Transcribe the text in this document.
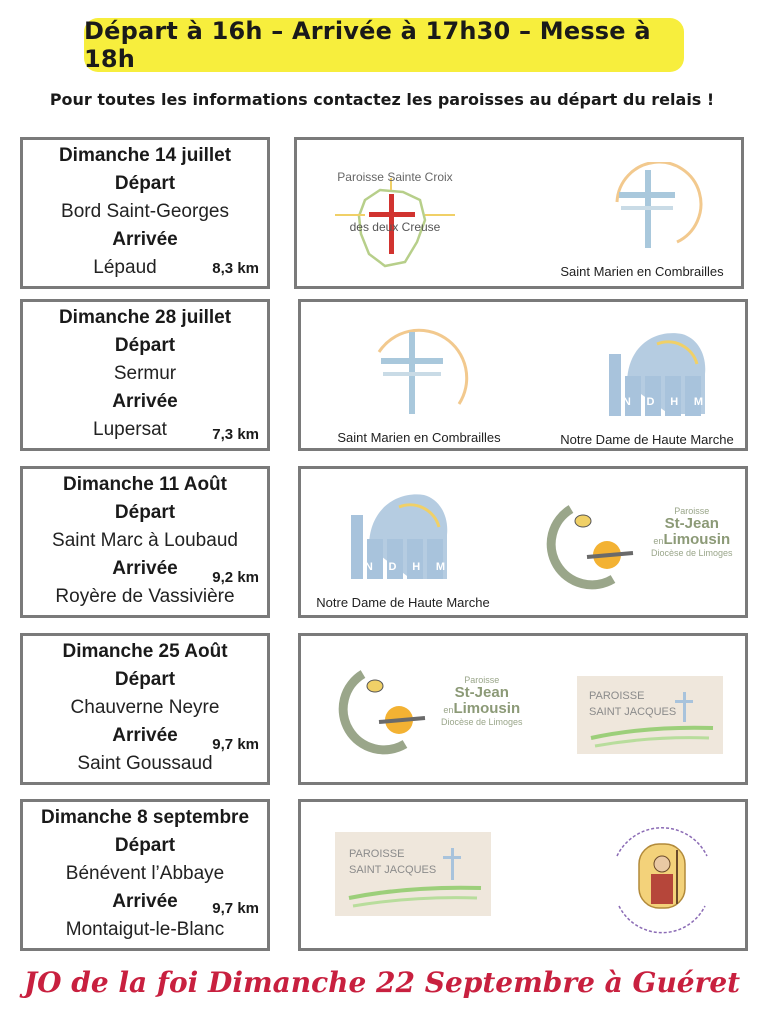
Départ à 16h – Arrivée à 17h30 – Messe à 18h
Pour toutes les informations contactez les paroisses au départ du relais !
Dimanche 14 juillet
Départ
Bord Saint-Georges
Arrivée
Lépaud	8,3 km
Paroisse Sainte Croix
des deux Creuse
Saint Marien en Combrailles
Dimanche 28 juillet
Départ
Sermur
Arrivée
Lupersat	7,3 km	Saint Marien en Combrailles
N D H M
Notre Dame de Haute Marche
Dimanche 11 Août
Départ
Saint Marc à Loubaud
Arrivée
Royère de Vassivière
9,2 km
N D H M
Notre Dame de Haute Marche
Paroisse
St-Jean
enLimousin
Diocèse de Limoges
Dimanche 25 Août
Départ
Chauverne Neyre
Arrivée
Saint Goussaud
9,7 km
Paroisse
St-Jean
enLimousin
Diocèse de Limoges
PAROISSE
SAINT JACQUES
Dimanche 8 septembre
Départ
Bénévent l’Abbaye
Arrivée
Montaigut-le-Blanc
9,7 km
PAROISSE
SAINT JACQUES
JO de la foi Dimanche 22 Septembre à Guéret
